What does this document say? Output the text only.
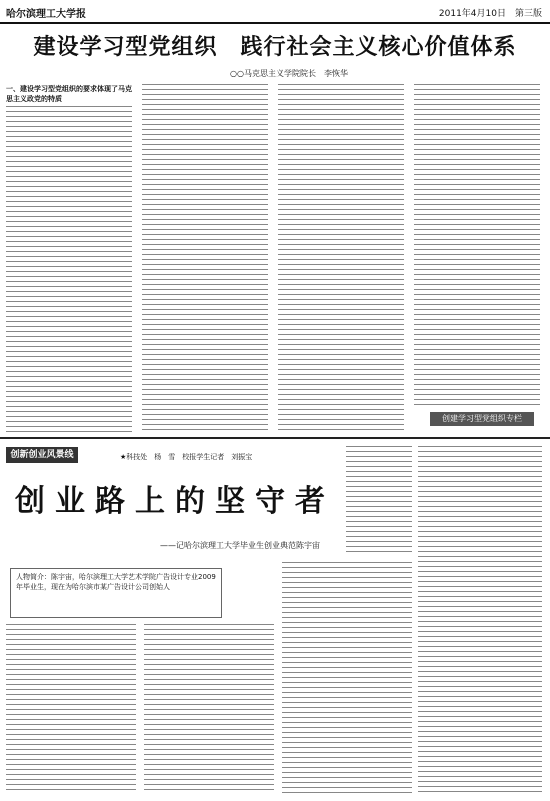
哈尔滨理工大学报	2011年4月10日　第三版
建设学习型党组织　践行社会主义核心价值体系
○○马克思主义学院院长　李恢华
一、建设学习型党组织的要求体现了马克思主义政党的特质
创建学习型党组织专栏
创新创业风景线	★科技处　杨　雪　校报学生记者　刘振宝
创业路上的坚守者
——记哈尔滨理工大学毕业生创业典范陈宇宙
人物简介：陈宇宙，哈尔滨理工大学艺术学院广告设计专业2009年毕业生，现在为哈尔滨市某广告设计公司创始人
